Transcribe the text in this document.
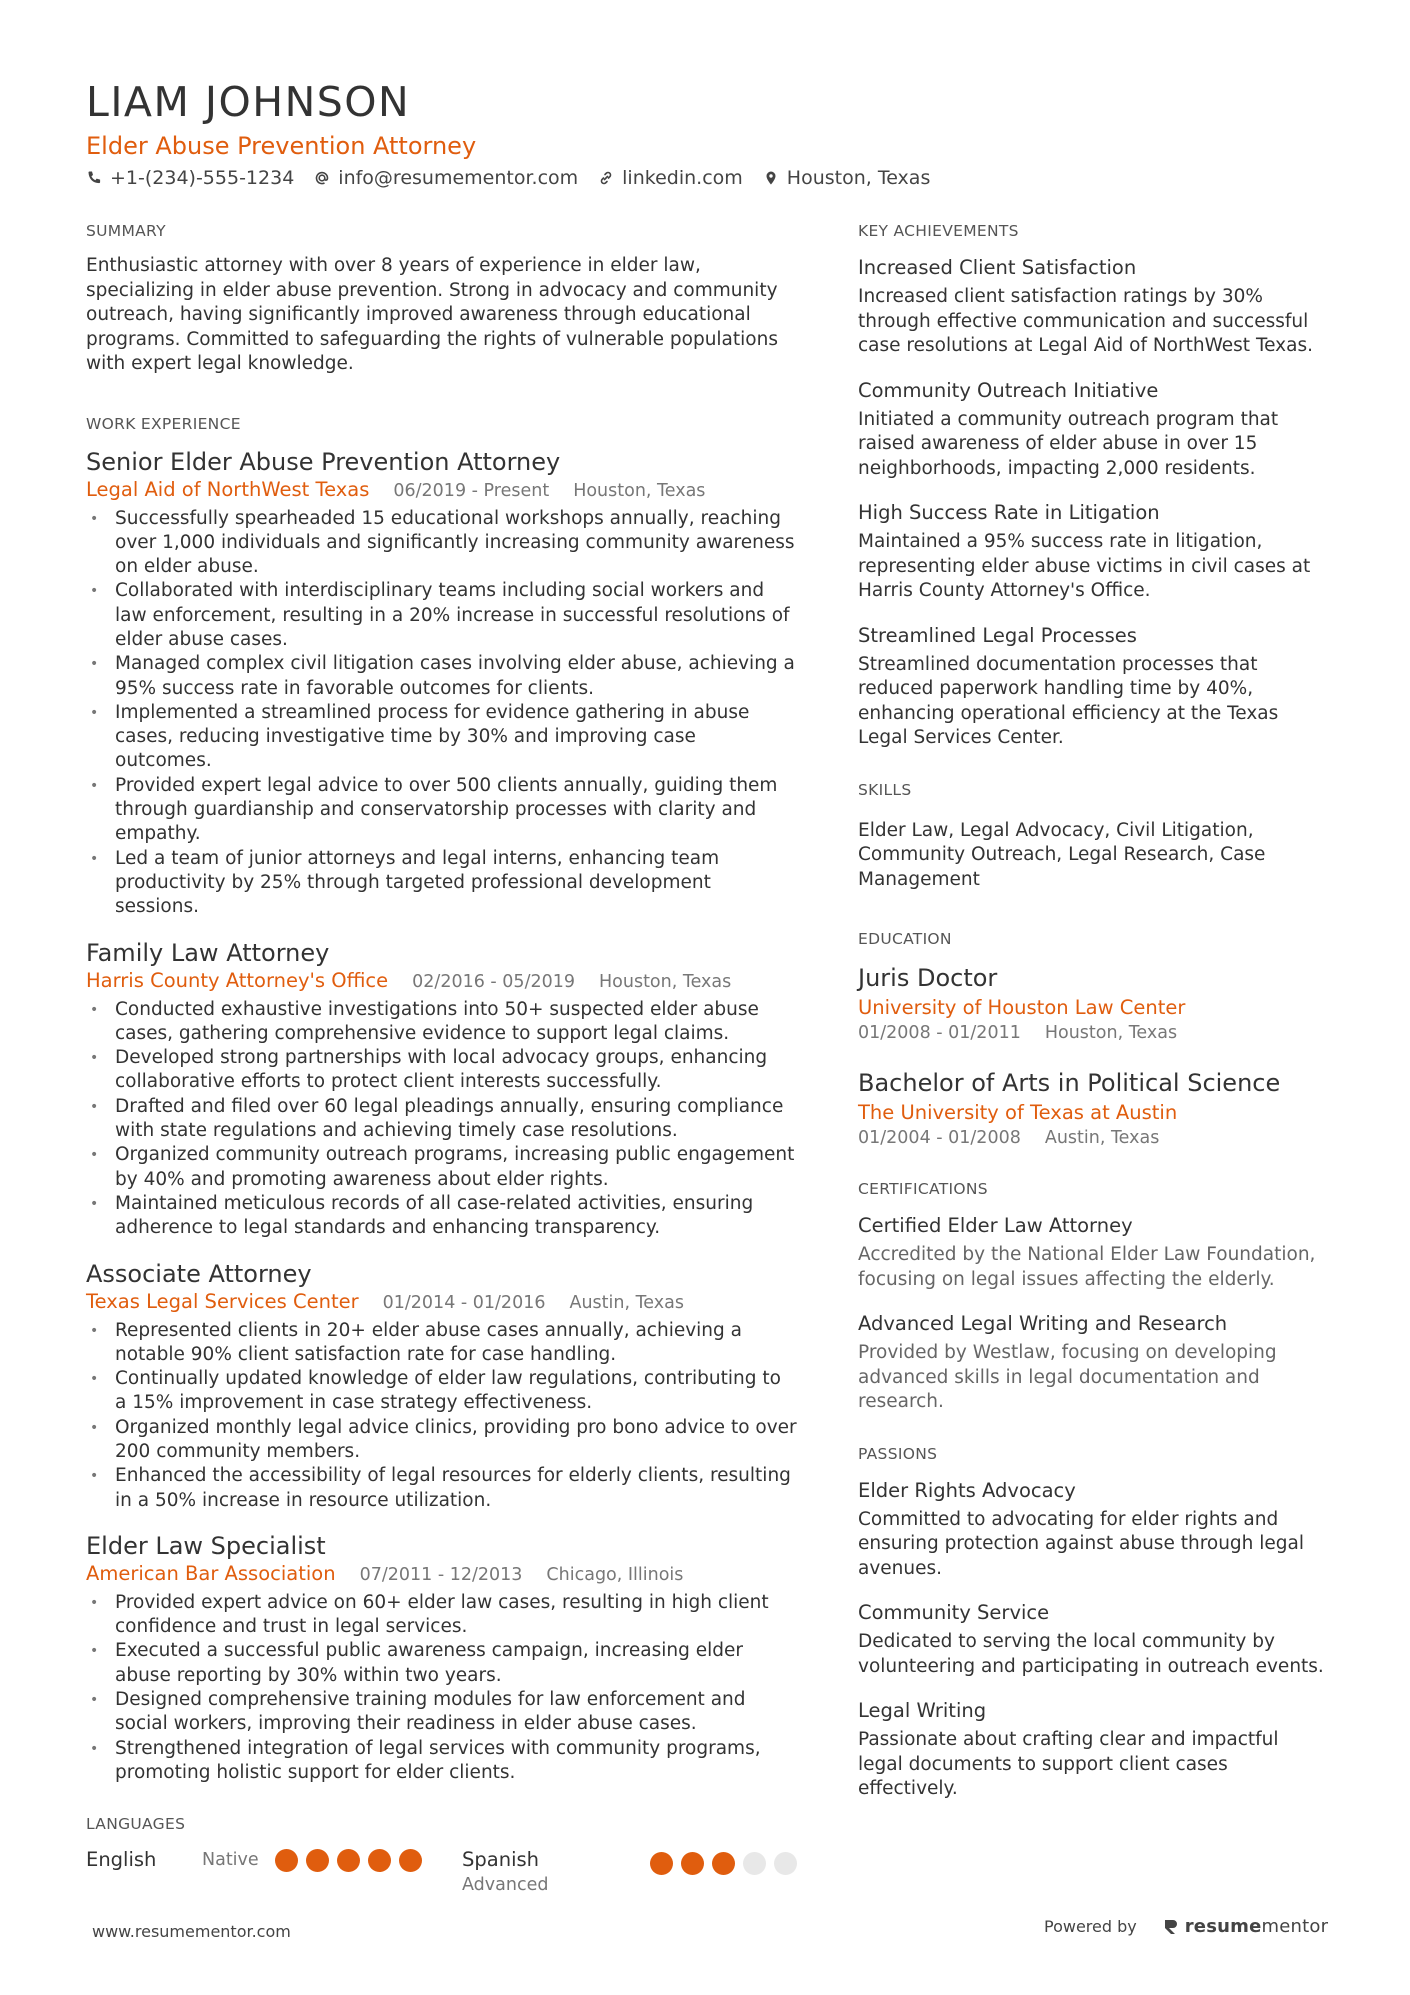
LIAM JOHNSON
Elder Abuse Prevention Attorney
+1-(234)-555-1234 info@resumementor.com linkedin.com Houston, Texas
SUMMARY
Enthusiastic attorney with over 8 years of experience in elder law, specializing in elder abuse prevention. Strong in advocacy and community outreach, having significantly improved awareness through educational programs. Committed to safeguarding the rights of vulnerable populations with expert legal knowledge.
WORK EXPERIENCE
Senior Elder Abuse Prevention Attorney
Legal Aid of NorthWest Texas 06/2019 - Present Houston, Texas
• Successfully spearheaded 15 educational workshops annually, reaching over 1,000 individuals and significantly increasing community awareness on elder abuse.
• Collaborated with interdisciplinary teams including social workers and law enforcement, resulting in a 20% increase in successful resolutions of elder abuse cases.
• Managed complex civil litigation cases involving elder abuse, achieving a 95% success rate in favorable outcomes for clients.
• Implemented a streamlined process for evidence gathering in abuse cases, reducing investigative time by 30% and improving case outcomes.
• Provided expert legal advice to over 500 clients annually, guiding them through guardianship and conservatorship processes with clarity and empathy.
• Led a team of junior attorneys and legal interns, enhancing team productivity by 25% through targeted professional development sessions.
Family Law Attorney
Harris County Attorney's Office 02/2016 - 05/2019 Houston, Texas
• Conducted exhaustive investigations into 50+ suspected elder abuse cases, gathering comprehensive evidence to support legal claims.
• Developed strong partnerships with local advocacy groups, enhancing collaborative efforts to protect client interests successfully.
• Drafted and filed over 60 legal pleadings annually, ensuring compliance with state regulations and achieving timely case resolutions.
• Organized community outreach programs, increasing public engagement by 40% and promoting awareness about elder rights.
• Maintained meticulous records of all case-related activities, ensuring adherence to legal standards and enhancing transparency.
Associate Attorney
Texas Legal Services Center 01/2014 - 01/2016 Austin, Texas
• Represented clients in 20+ elder abuse cases annually, achieving a notable 90% client satisfaction rate for case handling.
• Continually updated knowledge of elder law regulations, contributing to a 15% improvement in case strategy effectiveness.
• Organized monthly legal advice clinics, providing pro bono advice to over 200 community members.
• Enhanced the accessibility of legal resources for elderly clients, resulting in a 50% increase in resource utilization.
Elder Law Specialist
American Bar Association 07/2011 - 12/2013 Chicago, Illinois
• Provided expert advice on 60+ elder law cases, resulting in high client confidence and trust in legal services.
• Executed a successful public awareness campaign, increasing elder abuse reporting by 30% within two years.
• Designed comprehensive training modules for law enforcement and social workers, improving their readiness in elder abuse cases.
• Strengthened integration of legal services with community programs, promoting holistic support for elder clients.
LANGUAGES
English	Native	Spanish
Advanced
KEY ACHIEVEMENTS
Increased Client Satisfaction
Increased client satisfaction ratings by 30% through effective communication and successful case resolutions at Legal Aid of NorthWest Texas.
Community Outreach Initiative
Initiated a community outreach program that raised awareness of elder abuse in over 15 neighborhoods, impacting 2,000 residents.
High Success Rate in Litigation
Maintained a 95% success rate in litigation, representing elder abuse victims in civil cases at Harris County Attorney's Office.
Streamlined Legal Processes
Streamlined documentation processes that reduced paperwork handling time by 40%, enhancing operational efficiency at the Texas Legal Services Center.
SKILLS
Elder Law, Legal Advocacy, Civil Litigation, Community Outreach, Legal Research, Case Management
EDUCATION
Juris Doctor
University of Houston Law Center
01/2008 - 01/2011 Houston, Texas
Bachelor of Arts in Political Science
The University of Texas at Austin
01/2004 - 01/2008 Austin, Texas
CERTIFICATIONS
Certified Elder Law Attorney
Accredited by the National Elder Law Foundation, focusing on legal issues affecting the elderly.
Advanced Legal Writing and Research
Provided by Westlaw, focusing on developing advanced skills in legal documentation and research.
PASSIONS
Elder Rights Advocacy
Committed to advocating for elder rights and ensuring protection against abuse through legal avenues.
Community Service
Dedicated to serving the local community by volunteering and participating in outreach events.
Legal Writing
Passionate about crafting clear and impactful legal documents to support client cases effectively.
www.resumementor.com	Powered by	resumementor
